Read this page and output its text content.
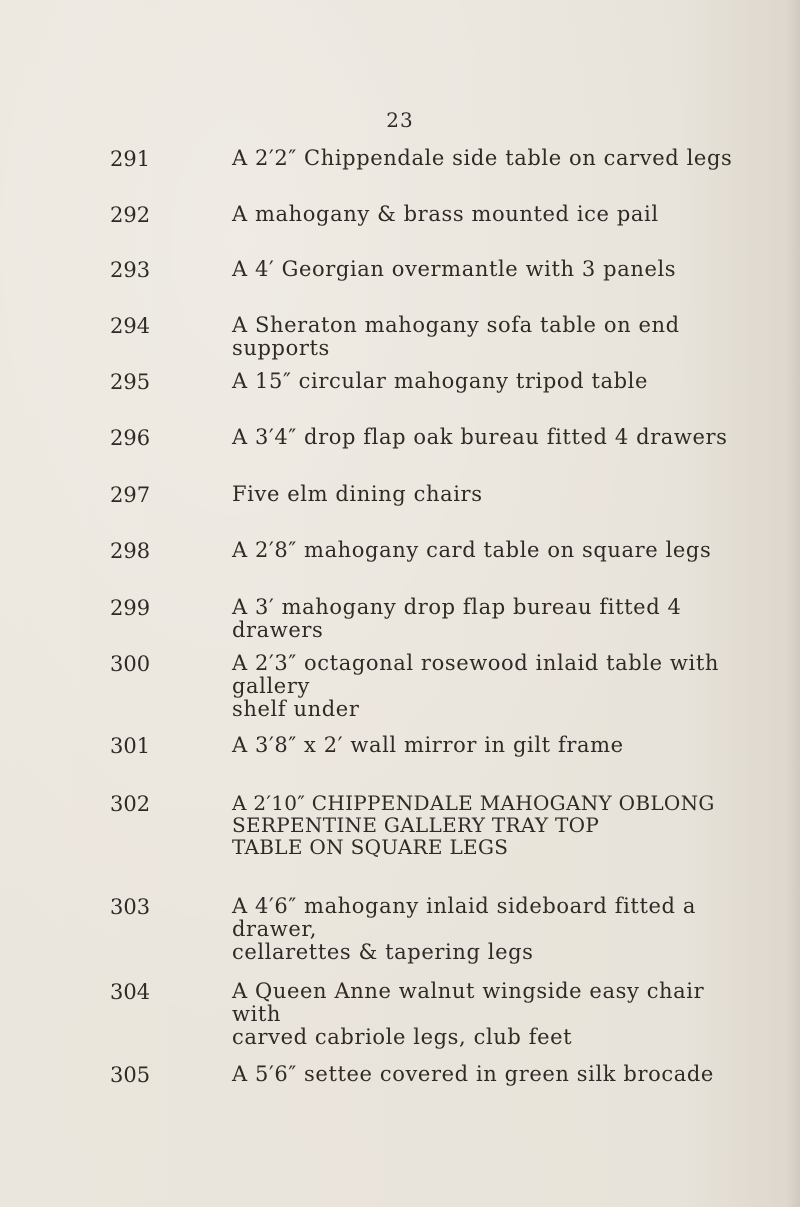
23
291	A 2′2″ Chippendale side table on carved legs
292	A mahogany & brass mounted ice pail
293	A 4′ Georgian overmantle with 3 panels
294	A Sheraton mahogany sofa table on end supports
295	A 15″ circular mahogany tripod table
296	A 3′4″ drop flap oak bureau fitted 4 drawers
297	Five elm dining chairs
298	A 2′8″ mahogany card table on square legs
299	A 3′ mahogany drop flap bureau fitted 4 drawers
300	A 2′3″ octagonal rosewood inlaid table with gallery
shelf under
301	A 3′8″ x 2′ wall mirror in gilt frame
302	A 2′10″ CHIPPENDALE MAHOGANY OBLONG
SERPENTINE GALLERY TRAY TOP
TABLE ON SQUARE LEGS
303	A 4′6″ mahogany inlaid sideboard fitted a drawer,
cellarettes & tapering legs
304	A Queen Anne walnut wingside easy chair with
carved cabriole legs, club feet
305	A 5′6″ settee covered in green silk brocade
